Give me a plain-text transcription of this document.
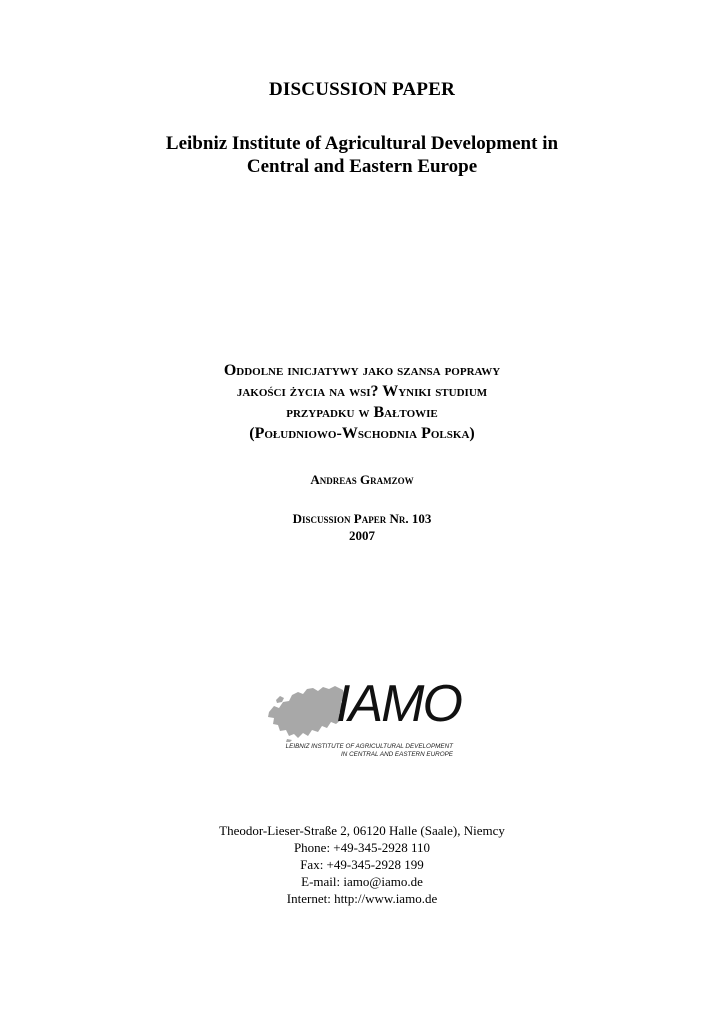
DISCUSSION PAPER
Leibniz Institute of Agricultural Development in
Central and Eastern Europe
Oddolne inicjatywy jako szansa poprawy
jakości życia na wsi? Wyniki studium
przypadku w Bałtowie
(Południowo-Wschodnia Polska)
Andreas Gramzow
Discussion Paper Nr. 103
2007
IAMO
LEIBNIZ INSTITUTE OF AGRICULTURAL DEVELOPMENT
IN CENTRAL AND EASTERN EUROPE
Theodor-Lieser-Straße 2, 06120 Halle (Saale), Niemcy
Phone: +49-345-2928 110
Fax: +49-345-2928 199
E-mail: iamo@iamo.de
Internet: http://www.iamo.de
